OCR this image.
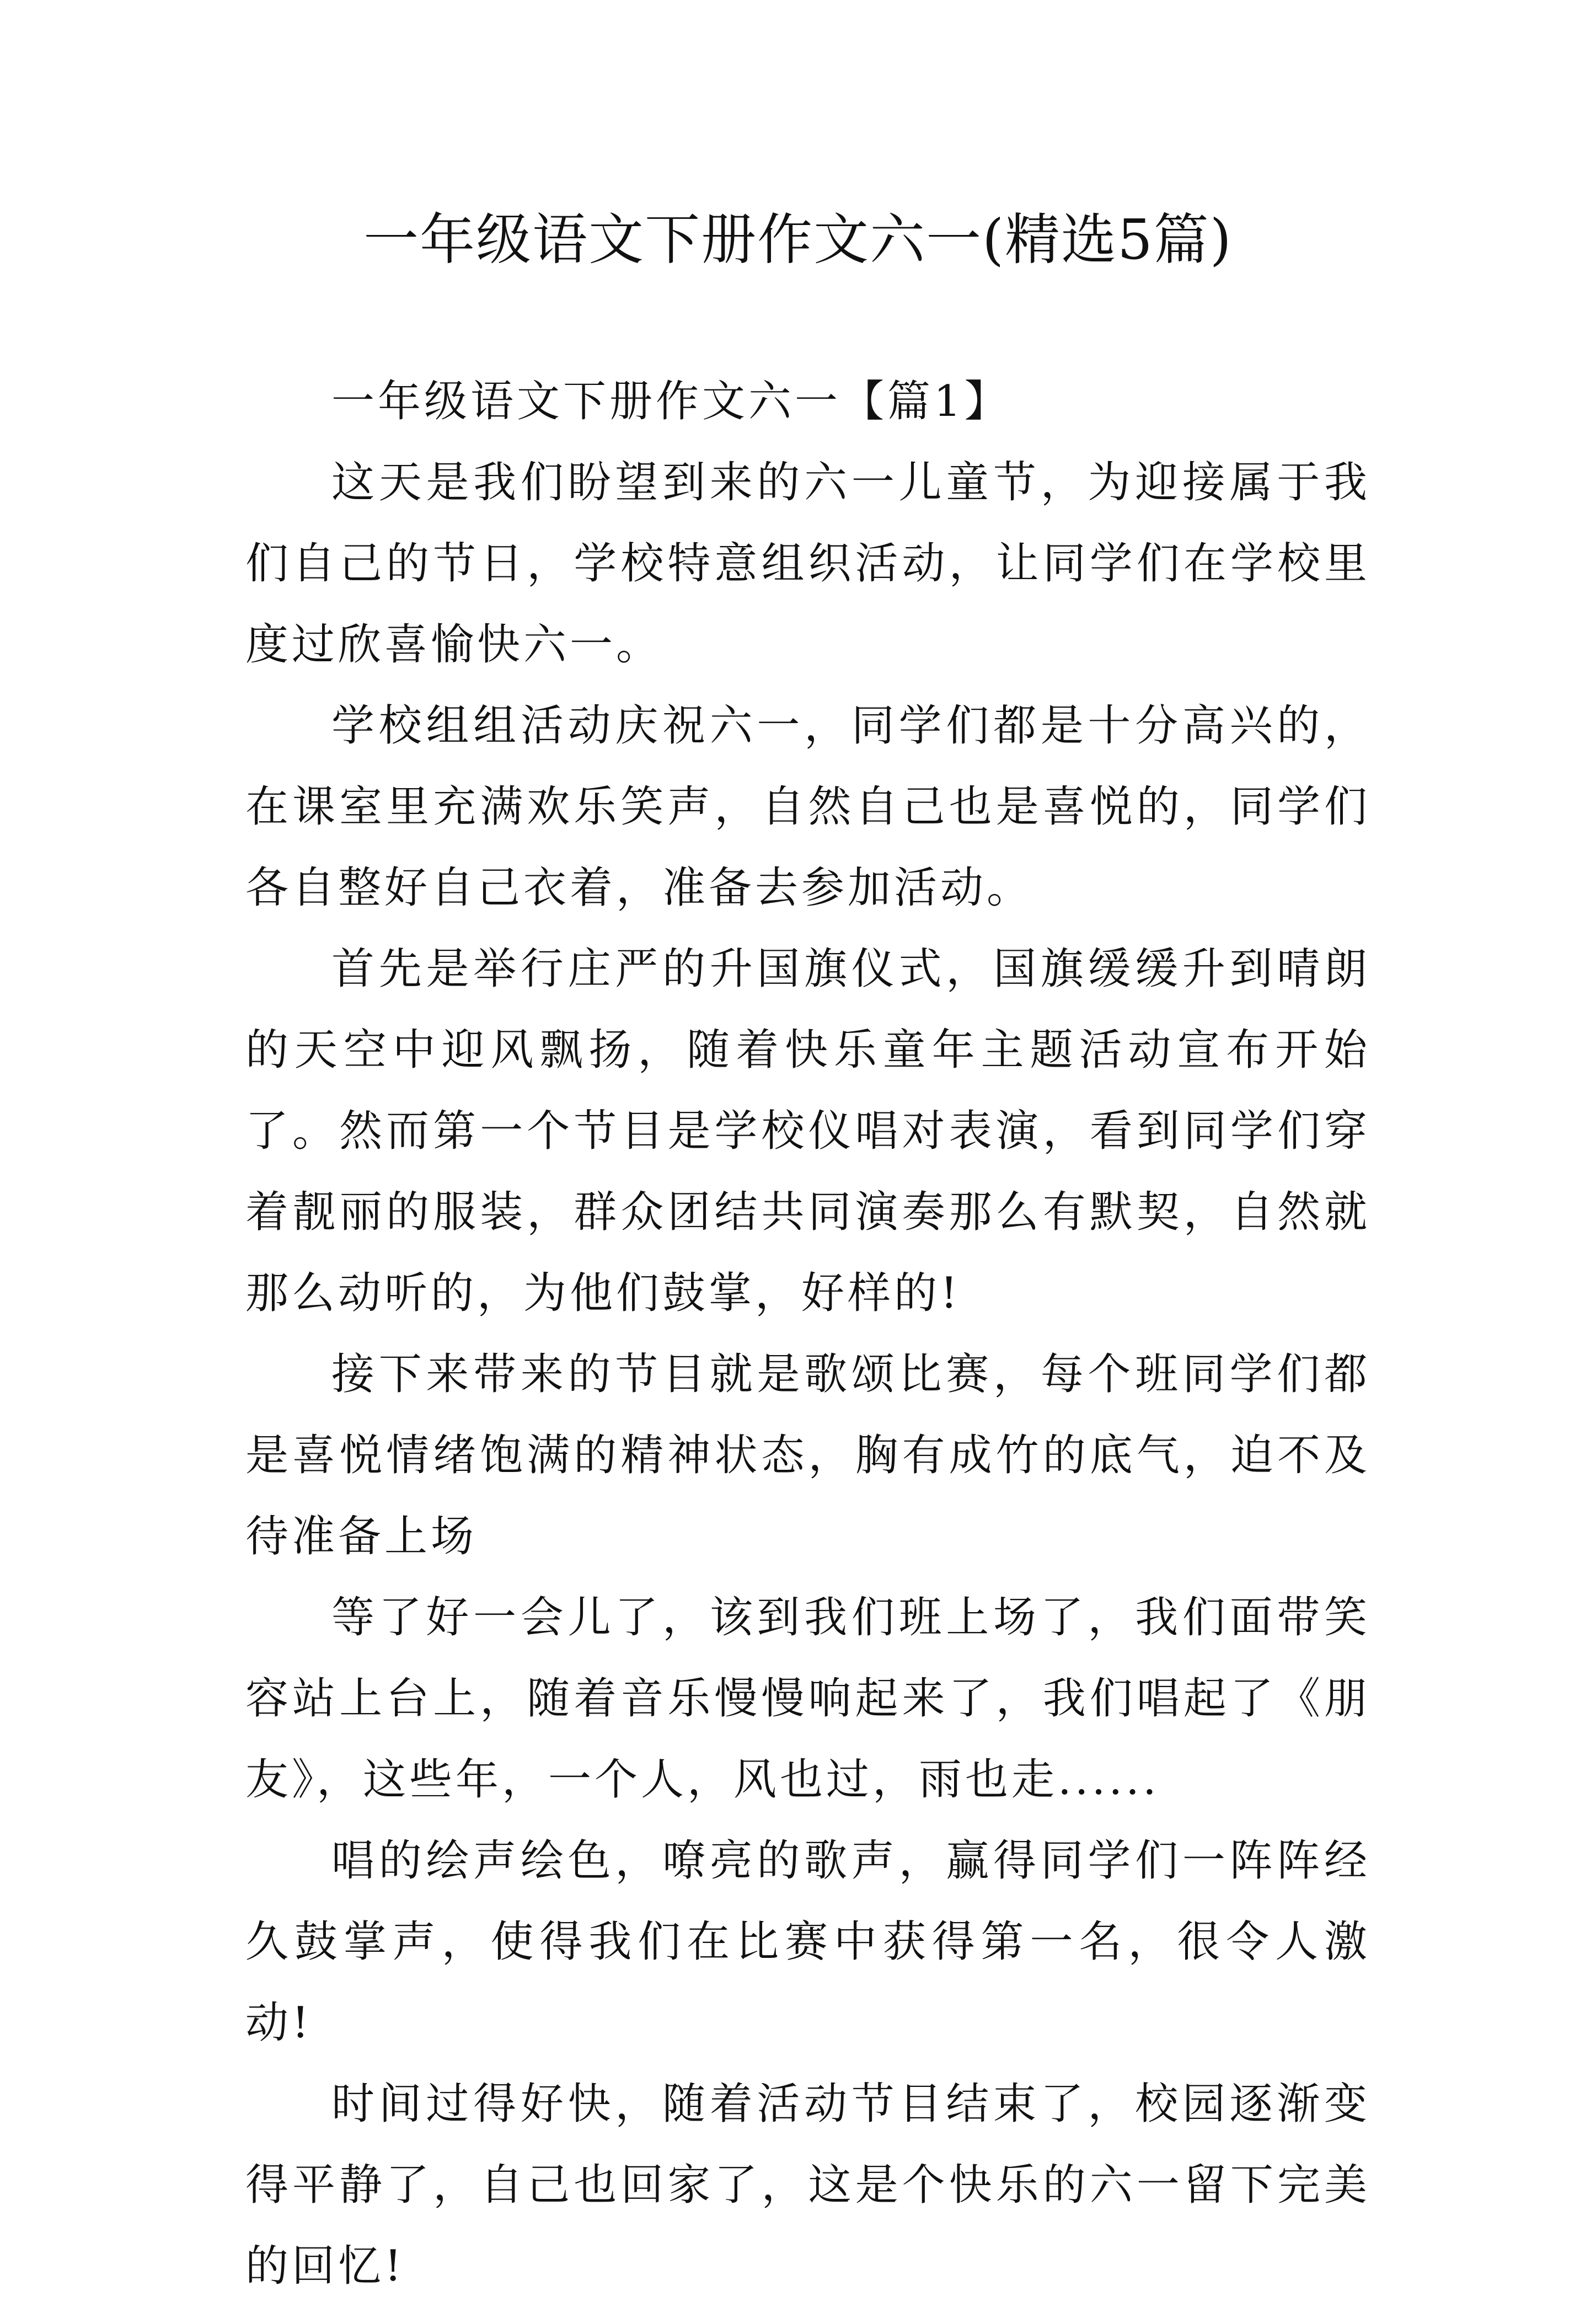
一年级语文下册作文六一(精选5篇)

一年级语文下册作文六一【篇1】

这天是我们盼望到来的六一儿童节，为迎接属于我们自己的节日，学校特意组织活动，让同学们在学校里度过欣喜愉快六一。

学校组组活动庆祝六一，同学们都是十分高兴的，在课室里充满欢乐笑声，自然自己也是喜悦的，同学们各自整好自己衣着，准备去参加活动。

首先是举行庄严的升国旗仪式，国旗缓缓升到晴朗的天空中迎风飘扬，随着快乐童年主题活动宣布开始了。然而第一个节目是学校仪唱对表演，看到同学们穿着靓丽的服装，群众团结共同演奏那么有默契，自然就那么动听的，为他们鼓掌，好样的!

接下来带来的节目就是歌颂比赛，每个班同学们都是喜悦情绪饱满的精神状态，胸有成竹的底气，迫不及待准备上场

等了好一会儿了，该到我们班上场了，我们面带笑容站上台上，随着音乐慢慢响起来了，我们唱起了《朋友》，这些年，一个人，风也过，雨也走......

唱的绘声绘色，嘹亮的歌声，赢得同学们一阵阵经久鼓掌声，使得我们在比赛中获得第一名，很令人激动!

时间过得好快，随着活动节目结束了，校园逐渐变得平静了，自己也回家了，这是个快乐的六一留下完美的回忆!
